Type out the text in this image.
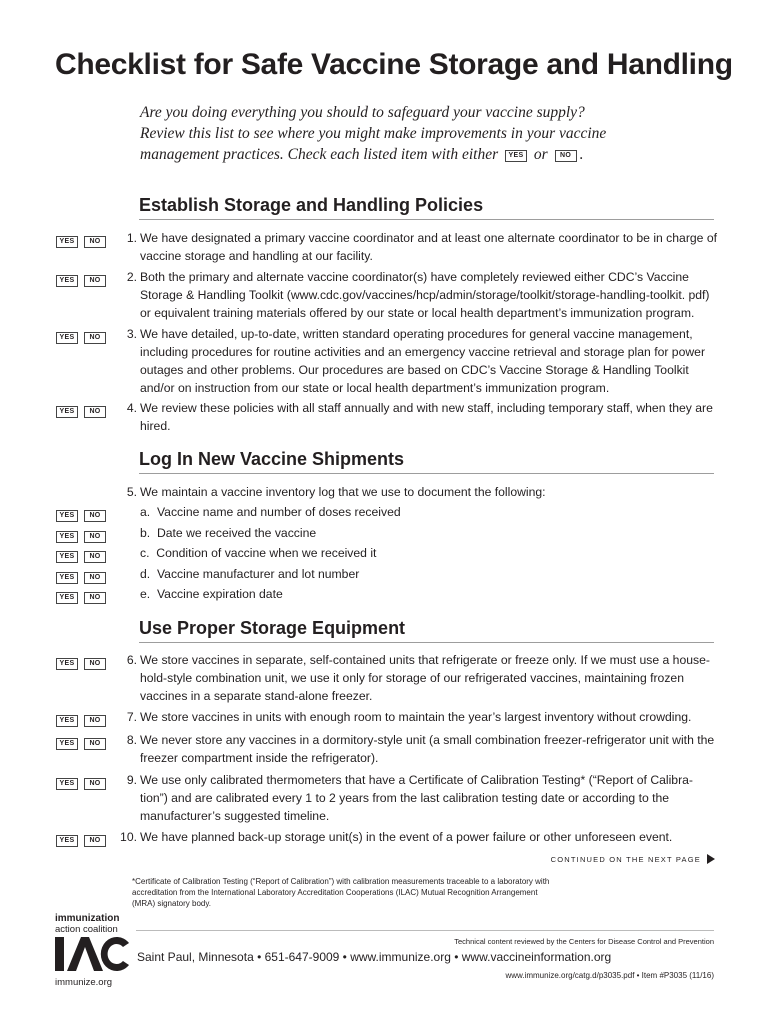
Checklist for Safe Vaccine Storage and Handling
Are you doing everything you should to safeguard your vaccine supply?
Review this list to see where you might make improvements in your vaccine
management practices. Check each listed item with either YES or NO .
Establish Storage and Handling Policies
YES NO	1. We have designated a primary vaccine coordinator and at least one alternate coordinator to be in charge of vaccine storage and handling at our facility.
YES NO	2. Both the primary and alternate vaccine coordinator(s) have completely reviewed either CDC’s Vaccine Storage & Handling Toolkit (www.cdc.gov/vaccines/hcp/admin/storage/toolkit/storage-handling-toolkit. pdf) or equivalent training materials offered by our state or local health department’s immunization program.
YES NO	3. We have detailed, up-to-date, written standard operating procedures for general vaccine management, including procedures for routine activities and an emergency vaccine retrieval and storage plan for power outages and other problems. Our procedures are based on CDC’s Vaccine Storage & Handling Toolkit and/or on instruction from our state or local health department’s immunization program.
YES NO	4. We review these policies with all staff annually and with new staff, including temporary staff, when they are hired.
Log In New Vaccine Shipments
5. We maintain a vaccine inventory log that we use to document the following:
YES NO	a. Vaccine name and number of doses received
YES NO	b. Date we received the vaccine
YES NO	c. Condition of vaccine when we received it
YES NO	d. Vaccine manufacturer and lot number
YES NO	e. Vaccine expiration date
Use Proper Storage Equipment
YES NO	6. We store vaccines in separate, self-contained units that refrigerate or freeze only. If we must use a house-hold-style combination unit, we use it only for storage of our refrigerated vaccines, maintaining frozen vaccines in a separate stand-alone freezer.
YES NO	7. We store vaccines in units with enough room to maintain the year’s largest inventory without crowding.
YES NO	8. We never store any vaccines in a dormitory-style unit (a small combination freezer-refrigerator unit with the freezer compartment inside the refrigerator).
YES NO	9. We use only calibrated thermometers that have a Certificate of Calibration Testing* (“Report of Calibra-tion”) and are calibrated every 1 to 2 years from the last calibration testing date or according to the manufacturer’s suggested timeline.
YES NO	10. We have planned back-up storage unit(s) in the event of a power failure or other unforeseen event.
CONTINUED ON THE NEXT PAGE
*Certificate of Calibration Testing (“Report of Calibration”) with calibration measurements traceable to a laboratory with accreditation from the International Laboratory Accreditation Cooperations (ILAC) Mutual Recognition Arrangement (MRA) signatory body.
immunization
action coalition
immunize.org
Technical content reviewed by the Centers for Disease Control and Prevention
Saint Paul, Minnesota • 651-647-9009 • www.immunize.org • www.vaccineinformation.org
www.immunize.org/catg.d/p3035.pdf • Item #P3035 (11/16)
